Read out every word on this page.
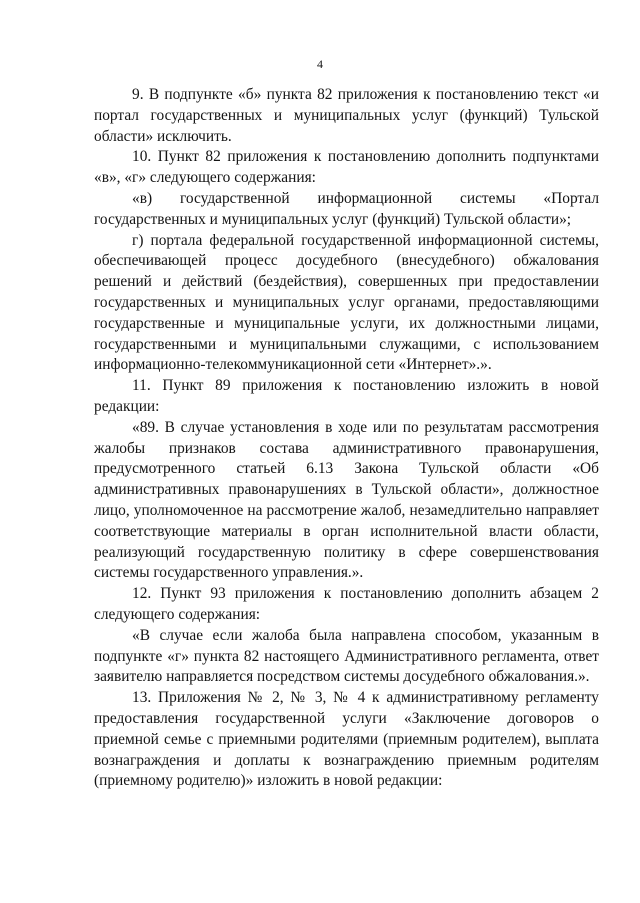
4

9. В подпункте «б» пункта 82 приложения к постановлению текст «и портал государственных и муниципальных услуг (функций) Тульской области» исключить.

10. Пункт 82 приложения к постановлению дополнить подпунктами «в», «г» следующего содержания:

«в) государственной информационной системы «Портал государственных и муниципальных услуг (функций) Тульской области»;

г) портала федеральной государственной информационной системы, обеспечивающей процесс досудебного (внесудебного) обжалования решений и действий (бездействия), совершенных при предоставлении государственных и муниципальных услуг органами, предоставляющими государственные и муниципальные услуги, их должностными лицами, государственными и муниципальными служащими, с использованием информационно-телекоммуникационной сети «Интернет».».

11. Пункт 89 приложения к постановлению изложить в новой редакции:

«89. В случае установления в ходе или по результатам рассмотрения жалобы признаков состава административного правонарушения, предусмотренного статьей 6.13 Закона Тульской области «Об административных правонарушениях в Тульской области», должностное лицо, уполномоченное на рассмотрение жалоб, незамедлительно направляет соответствующие материалы в орган исполнительной власти области, реализующий государственную политику в сфере совершенствования системы государственного управления.».

12. Пункт 93 приложения к постановлению дополнить абзацем 2 следующего содержания:

«В случае если жалоба была направлена способом, указанным в подпункте «г» пункта 82 настоящего Административного регламента, ответ заявителю направляется посредством системы досудебного обжалования.».

13. Приложения № 2, № 3, № 4 к административному регламенту предоставления государственной услуги «Заключение договоров о приемной семье с приемными родителями (приемным родителем), выплата вознаграждения и доплаты к вознаграждению приемным родителям (приемному родителю)» изложить в новой редакции:
